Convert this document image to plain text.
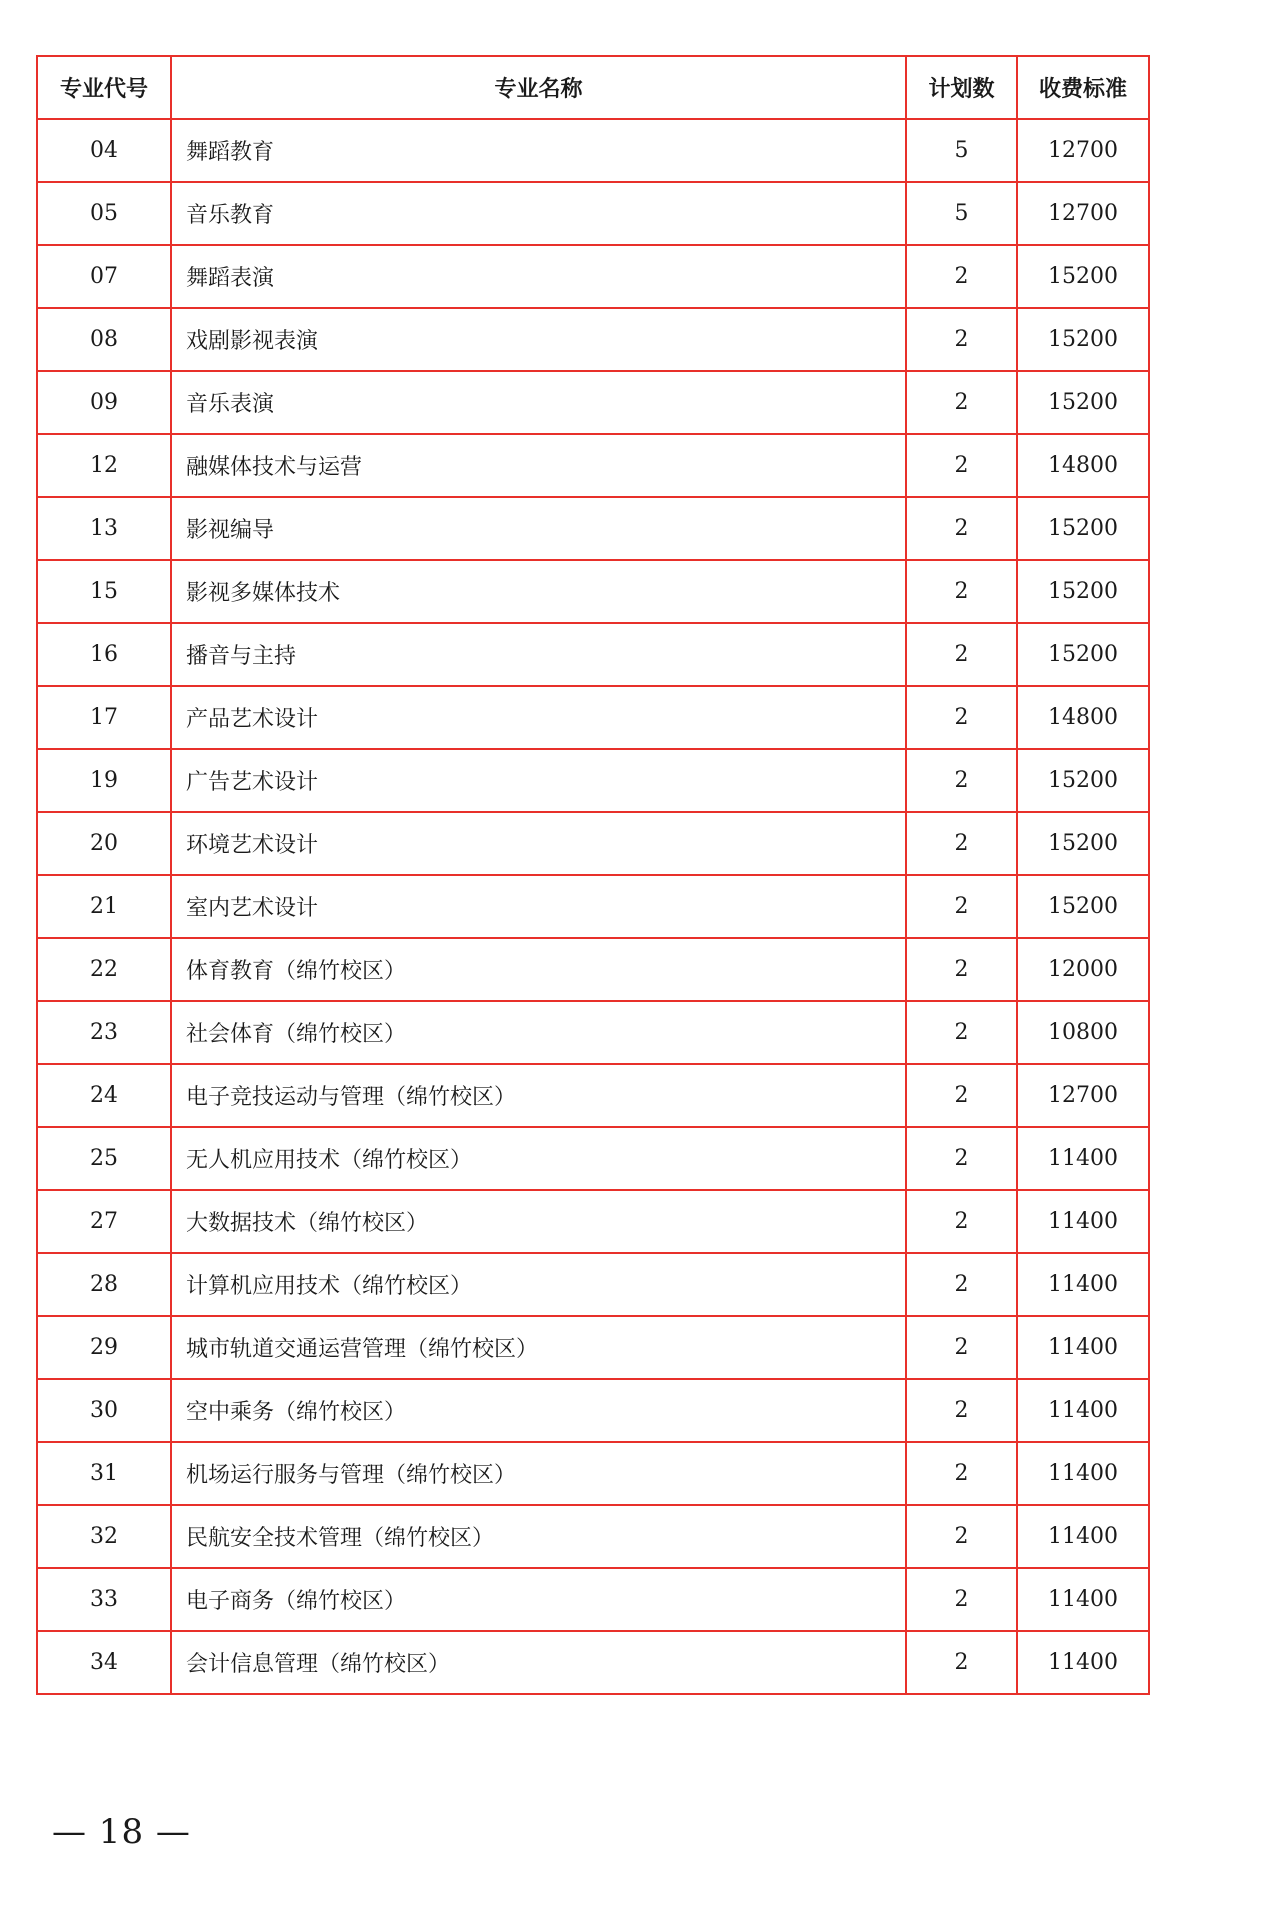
专业代号	专业名称	计划数	收费标准
04	舞蹈教育	5	12700
05	音乐教育	5	12700
07	舞蹈表演	2	15200
08	戏剧影视表演	2	15200
09	音乐表演	2	15200
12	融媒体技术与运营	2	14800
13	影视编导	2	15200
15	影视多媒体技术	2	15200
16	播音与主持	2	15200
17	产品艺术设计	2	14800
19	广告艺术设计	2	15200
20	环境艺术设计	2	15200
21	室内艺术设计	2	15200
22	体育教育（绵竹校区）	2	12000
23	社会体育（绵竹校区）	2	10800
24	电子竞技运动与管理（绵竹校区）	2	12700
25	无人机应用技术（绵竹校区）	2	11400
27	大数据技术（绵竹校区）	2	11400
28	计算机应用技术（绵竹校区）	2	11400
29	城市轨道交通运营管理（绵竹校区）	2	11400
30	空中乘务（绵竹校区）	2	11400
31	机场运行服务与管理（绵竹校区）	2	11400
32	民航安全技术管理（绵竹校区）	2	11400
33	电子商务（绵竹校区）	2	11400
34	会计信息管理（绵竹校区）	2	11400
— 18 —
